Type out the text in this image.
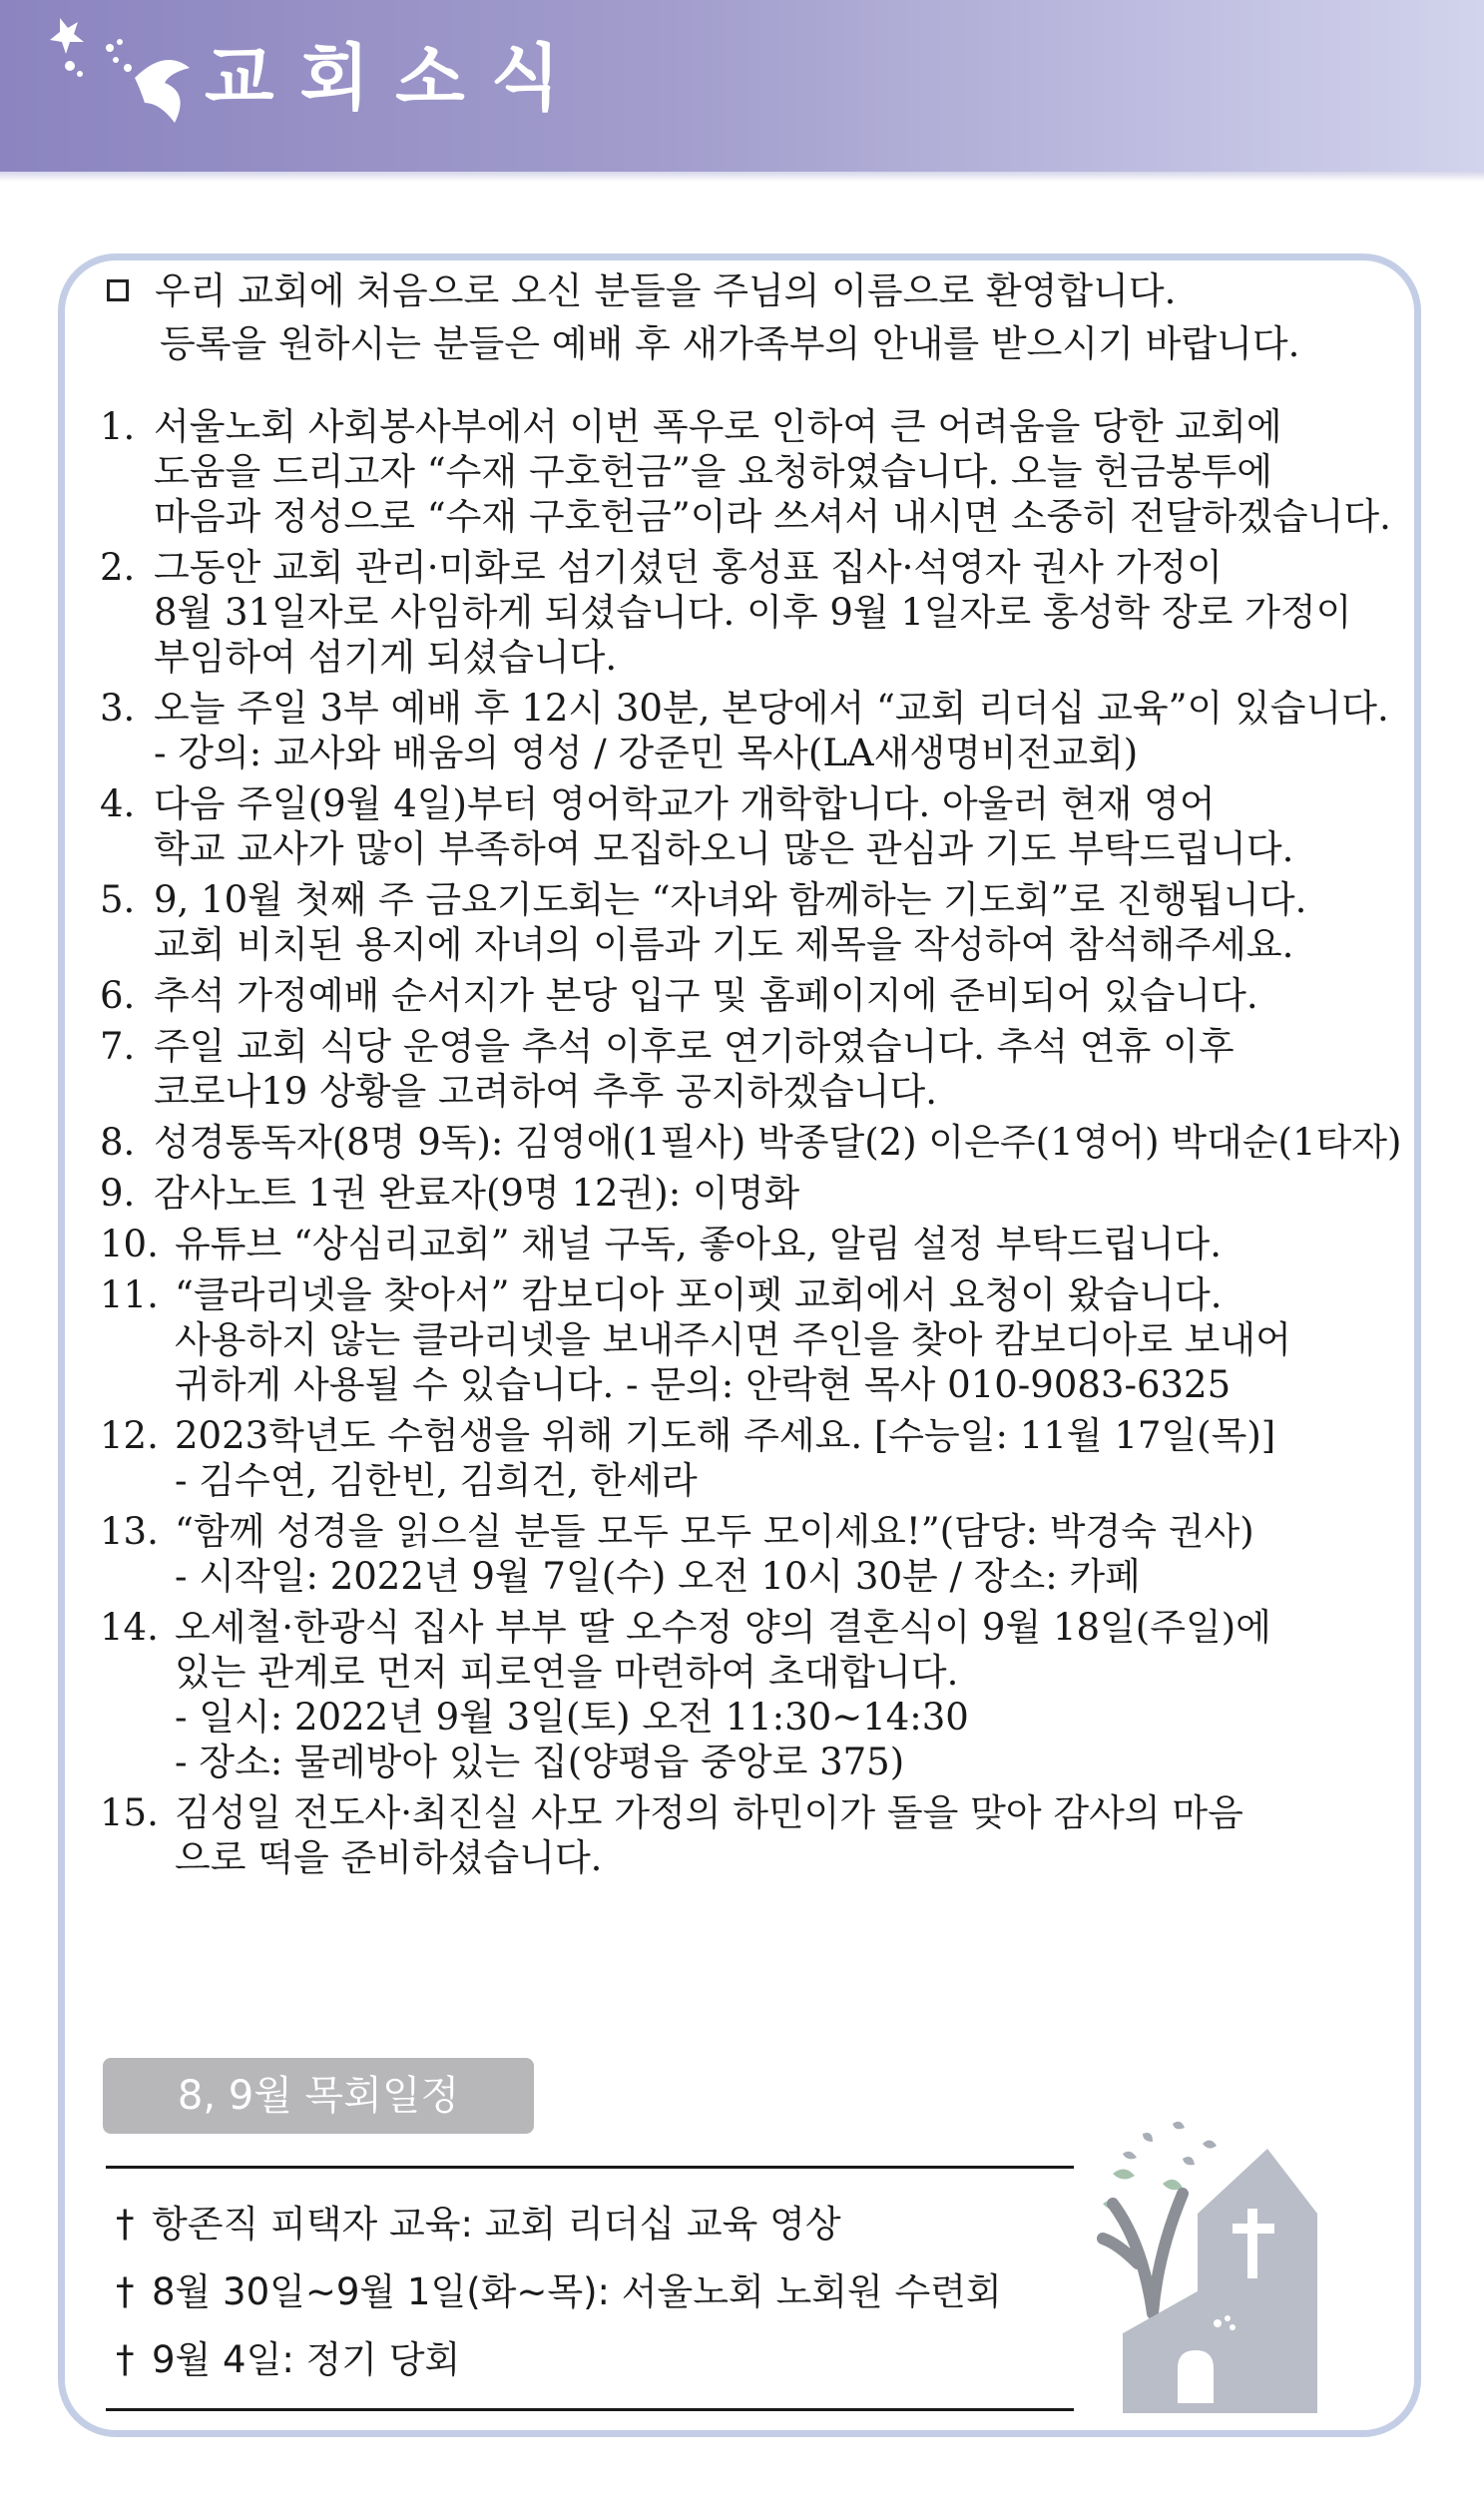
교회소식
우리 교회에 처음으로 오신 분들을 주님의 이름으로 환영합니다.
등록을 원하시는 분들은 예배 후 새가족부의 안내를 받으시기 바랍니다.
1. 서울노회 사회봉사부에서 이번 폭우로 인하여 큰 어려움을 당한 교회에
도움을 드리고자 “수재 구호헌금”을 요청하였습니다. 오늘 헌금봉투에
마음과 정성으로 “수재 구호헌금”이라 쓰셔서 내시면 소중히 전달하겠습니다.
2. 그동안 교회 관리·미화로 섬기셨던 홍성표 집사·석영자 권사 가정이
8월 31일자로 사임하게 되셨습니다. 이후 9월 1일자로 홍성학 장로 가정이
부임하여 섬기게 되셨습니다.
3. 오늘 주일 3부 예배 후 12시 30분, 본당에서 “교회 리더십 교육”이 있습니다.
- 강의: 교사와 배움의 영성 / 강준민 목사(LA새생명비전교회)
4. 다음 주일(9월 4일)부터 영어학교가 개학합니다. 아울러 현재 영어
학교 교사가 많이 부족하여 모집하오니 많은 관심과 기도 부탁드립니다.
5. 9, 10월 첫째 주 금요기도회는 “자녀와 함께하는 기도회”로 진행됩니다.
교회 비치된 용지에 자녀의 이름과 기도 제목을 작성하여 참석해주세요.
6. 추석 가정예배 순서지가 본당 입구 및 홈페이지에 준비되어 있습니다.
7. 주일 교회 식당 운영을 추석 이후로 연기하였습니다. 추석 연휴 이후
코로나19 상황을 고려하여 추후 공지하겠습니다.
8. 성경통독자(8명 9독): 김영애(1필사) 박종달(2) 이은주(1영어) 박대순(1타자)
9. 감사노트 1권 완료자(9명 12권): 이명화
10. 유튜브 “상심리교회” 채널 구독, 좋아요, 알림 설정 부탁드립니다.
11. “클라리넷을 찾아서” 캄보디아 포이펫 교회에서 요청이 왔습니다.
사용하지 않는 클라리넷을 보내주시면 주인을 찾아 캄보디아로 보내어
귀하게 사용될 수 있습니다. - 문의: 안락현 목사 010-9083-6325
12. 2023학년도 수험생을 위해 기도해 주세요. [수능일: 11월 17일(목)]
- 김수연, 김한빈, 김희건, 한세라
13. “함께 성경을 읽으실 분들 모두 모두 모이세요!”(담당: 박경숙 권사)
- 시작일: 2022년 9월 7일(수) 오전 10시 30분 / 장소: 카페
14. 오세철·한광식 집사 부부 딸 오수정 양의 결혼식이 9월 18일(주일)에
있는 관계로 먼저 피로연을 마련하여 초대합니다.
- 일시: 2022년 9월 3일(토) 오전 11:30~14:30
- 장소: 물레방아 있는 집(양평읍 중앙로 375)
15. 김성일 전도사·최진실 사모 가정의 하민이가 돌을 맞아 감사의 마음
으로 떡을 준비하셨습니다.
8, 9월 목회일정
† 항존직 피택자 교육: 교회 리더십 교육 영상
† 8월 30일~9월 1일(화~목): 서울노회 노회원 수련회
† 9월 4일: 정기 당회
